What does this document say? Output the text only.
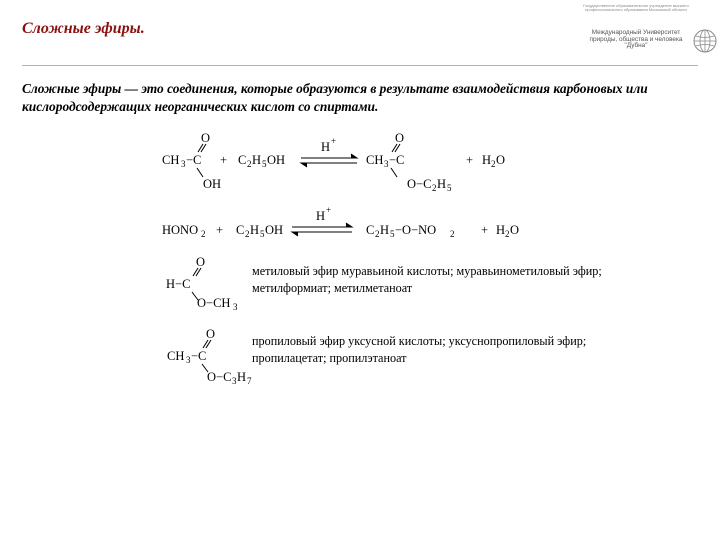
Сложные эфиры.
Государственное образовательное учреждение высшего профессионального образования Московской области
Международный Университет природы, общества и человека "Дубна"

Сложные эфиры — это соединения, которые образуются в результате взаимодействия карбоновых или кислородсодержащих неорганических кислот со спиртами.

O
CH 3 − C
OH
+ C 2 H 5 OH
H +	O
CH 3 − C
O−C 2 H 5
+ H 2 O
HONO 2 + C 2 H 5 OH
H +
C 2 H 5 −O−NO 2 + H 2 O
O
H−C
O−CH 3
O
CH 3 − C
O−C 3 H 7

метиловый эфир муравьиной кислоты; муравьинометиловый эфир; метилформиат; метилметаноат

пропиловый эфир уксусной кислоты; уксуснопропиловый эфир; пропилацетат; пропилэтаноат
